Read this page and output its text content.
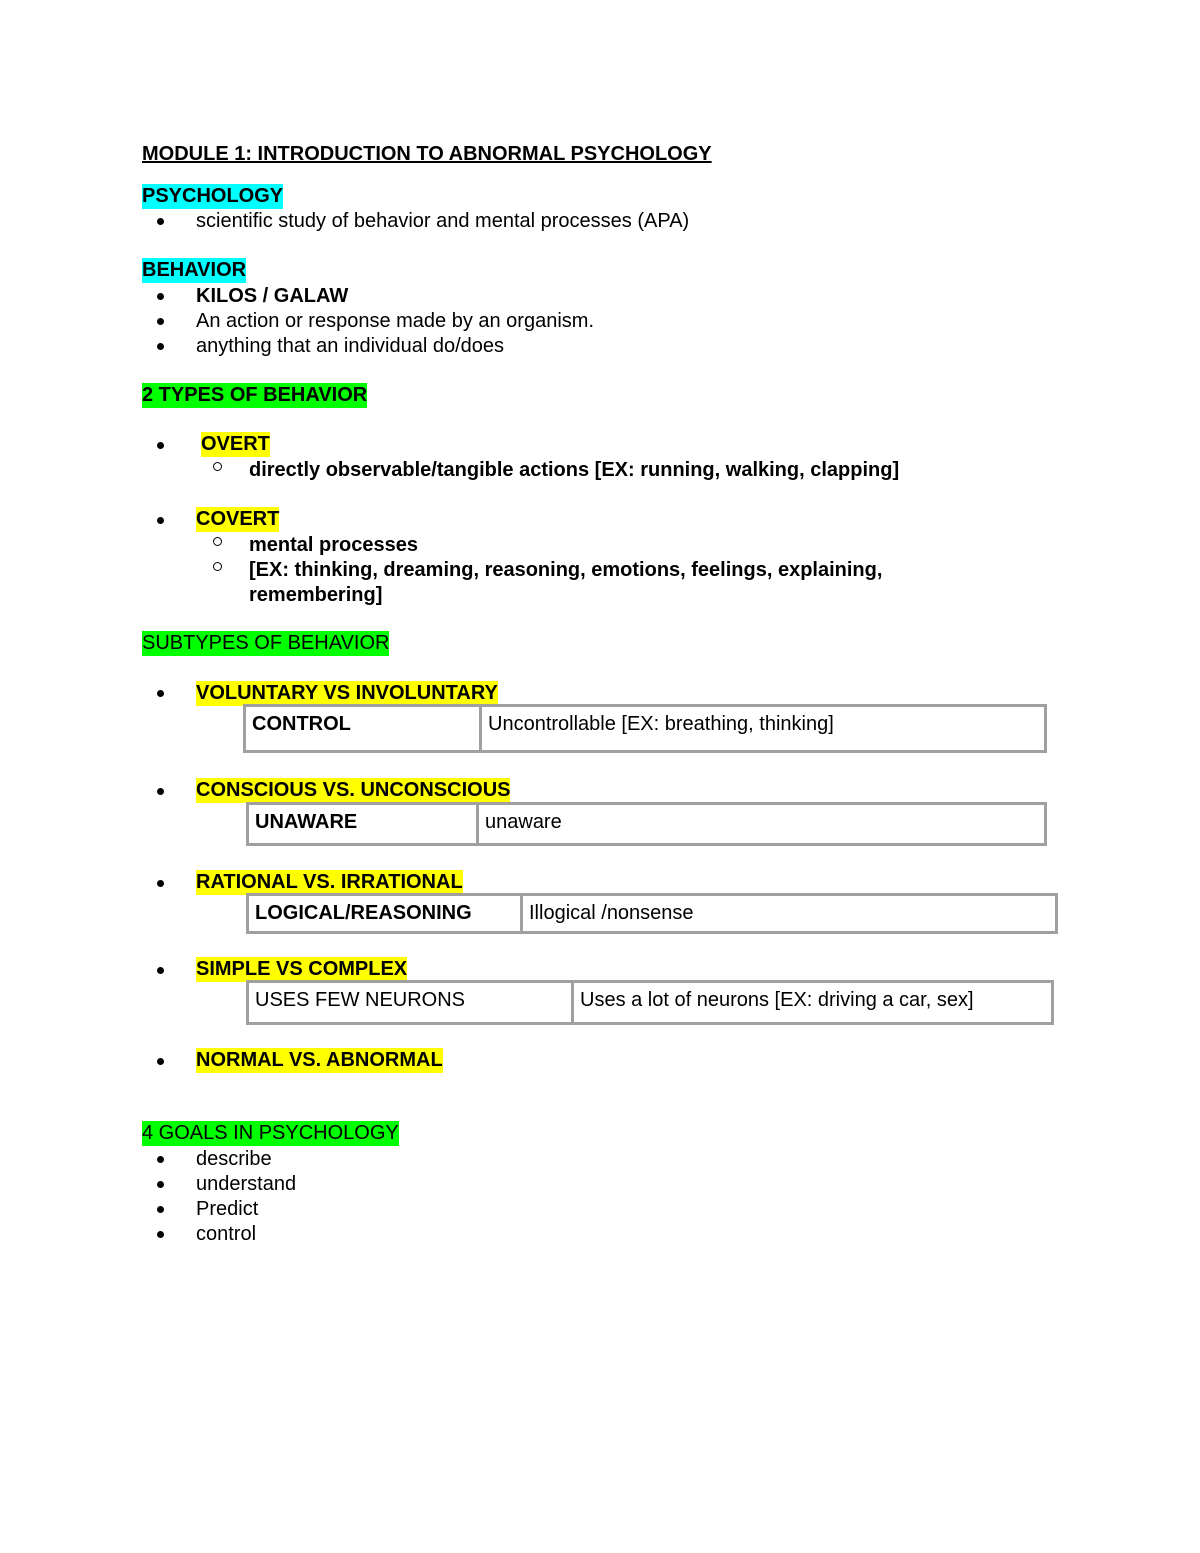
MODULE 1: INTRODUCTION TO ABNORMAL PSYCHOLOGY
PSYCHOLOGY
scientific study of behavior and mental processes (APA)
BEHAVIOR
KILOS / GALAW
An action or response made by an organism.
anything that an individual do/does
2 TYPES OF BEHAVIOR
OVERT
directly observable/tangible actions [EX: running, walking, clapping]
COVERT
mental processes
[EX: thinking, dreaming, reasoning, emotions, feelings, explaining,
remembering]
SUBTYPES OF BEHAVIOR
VOLUNTARY VS INVOLUNTARY
CONTROL	Uncontrollable [EX: breathing, thinking]
CONSCIOUS VS. UNCONSCIOUS
UNAWARE	unaware
RATIONAL VS. IRRATIONAL
LOGICAL/REASONING	Illogical /nonsense
SIMPLE VS COMPLEX
USES FEW NEURONS	Uses a lot of neurons [EX: driving a car, sex]
NORMAL VS. ABNORMAL
4 GOALS IN PSYCHOLOGY
describe
understand
Predict
control
